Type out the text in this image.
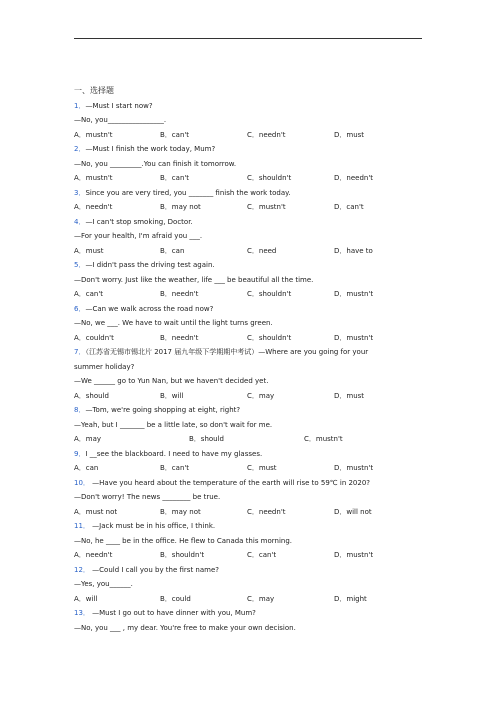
一、选择题
1．—Must I start now?
—No, you________________.
A．mustn't	B．can't	C．needn't	D．must
2．—Must I finish the work today, Mum?
—No, you _________.You can finish it tomorrow.
A．mustn't	B．can't	C．shouldn't	D．needn't
3．Since you are very tired, you _______ finish the work today.
A．needn't	B．may not	C．mustn't	D．can't
4．—I can't stop smoking, Doctor.
—For your health, I'm afraid you ___.
A．must	B．can	C．need	D．have to
5．—I didn't pass the driving test again.
—Don't worry. Just like the weather, life ___ be beautiful all the time.
A．can't	B．needn't	C．shouldn't	D．mustn't
6．—Can we walk across the road now?
—No, we ___. We have to wait until the light turns green.
A．couldn't	B．needn't	C．shouldn't	D．mustn't
7．（江苏省无锡市锡北片 2017 届九年级下学期期中考试）—Where are you going for your
summer holiday?
—We ______ go to Yun Nan, but we haven't decided yet.
A．should	B．will	C．may	D．must
8．—Tom, we're going shopping at eight, right?
—Yeah, but I _______ be a little late, so don't wait for me.
A．may	B．should	C．mustn't
9．I __see the blackboard. I need to have my glasses.
A．can	B．can't	C．must	D．mustn't
10． —Have you heard about the temperature of the earth will rise to 59℃ in 2020?
—Don't worry! The news ________ be true.
A．must not	B．may not	C．needn't	D．will not
11． —Jack must be in his office, I think.
—No, he ____ be in the office. He flew to Canada this morning.
A．needn't	B．shouldn't	C．can't	D．mustn't
12． —Could I call you by the first name?
—Yes, you______.
A．will	B．could	C．may	D．might
13． —Must I go out to have dinner with you, Mum?
—No, you ___ , my dear. You're free to make your own decision.
